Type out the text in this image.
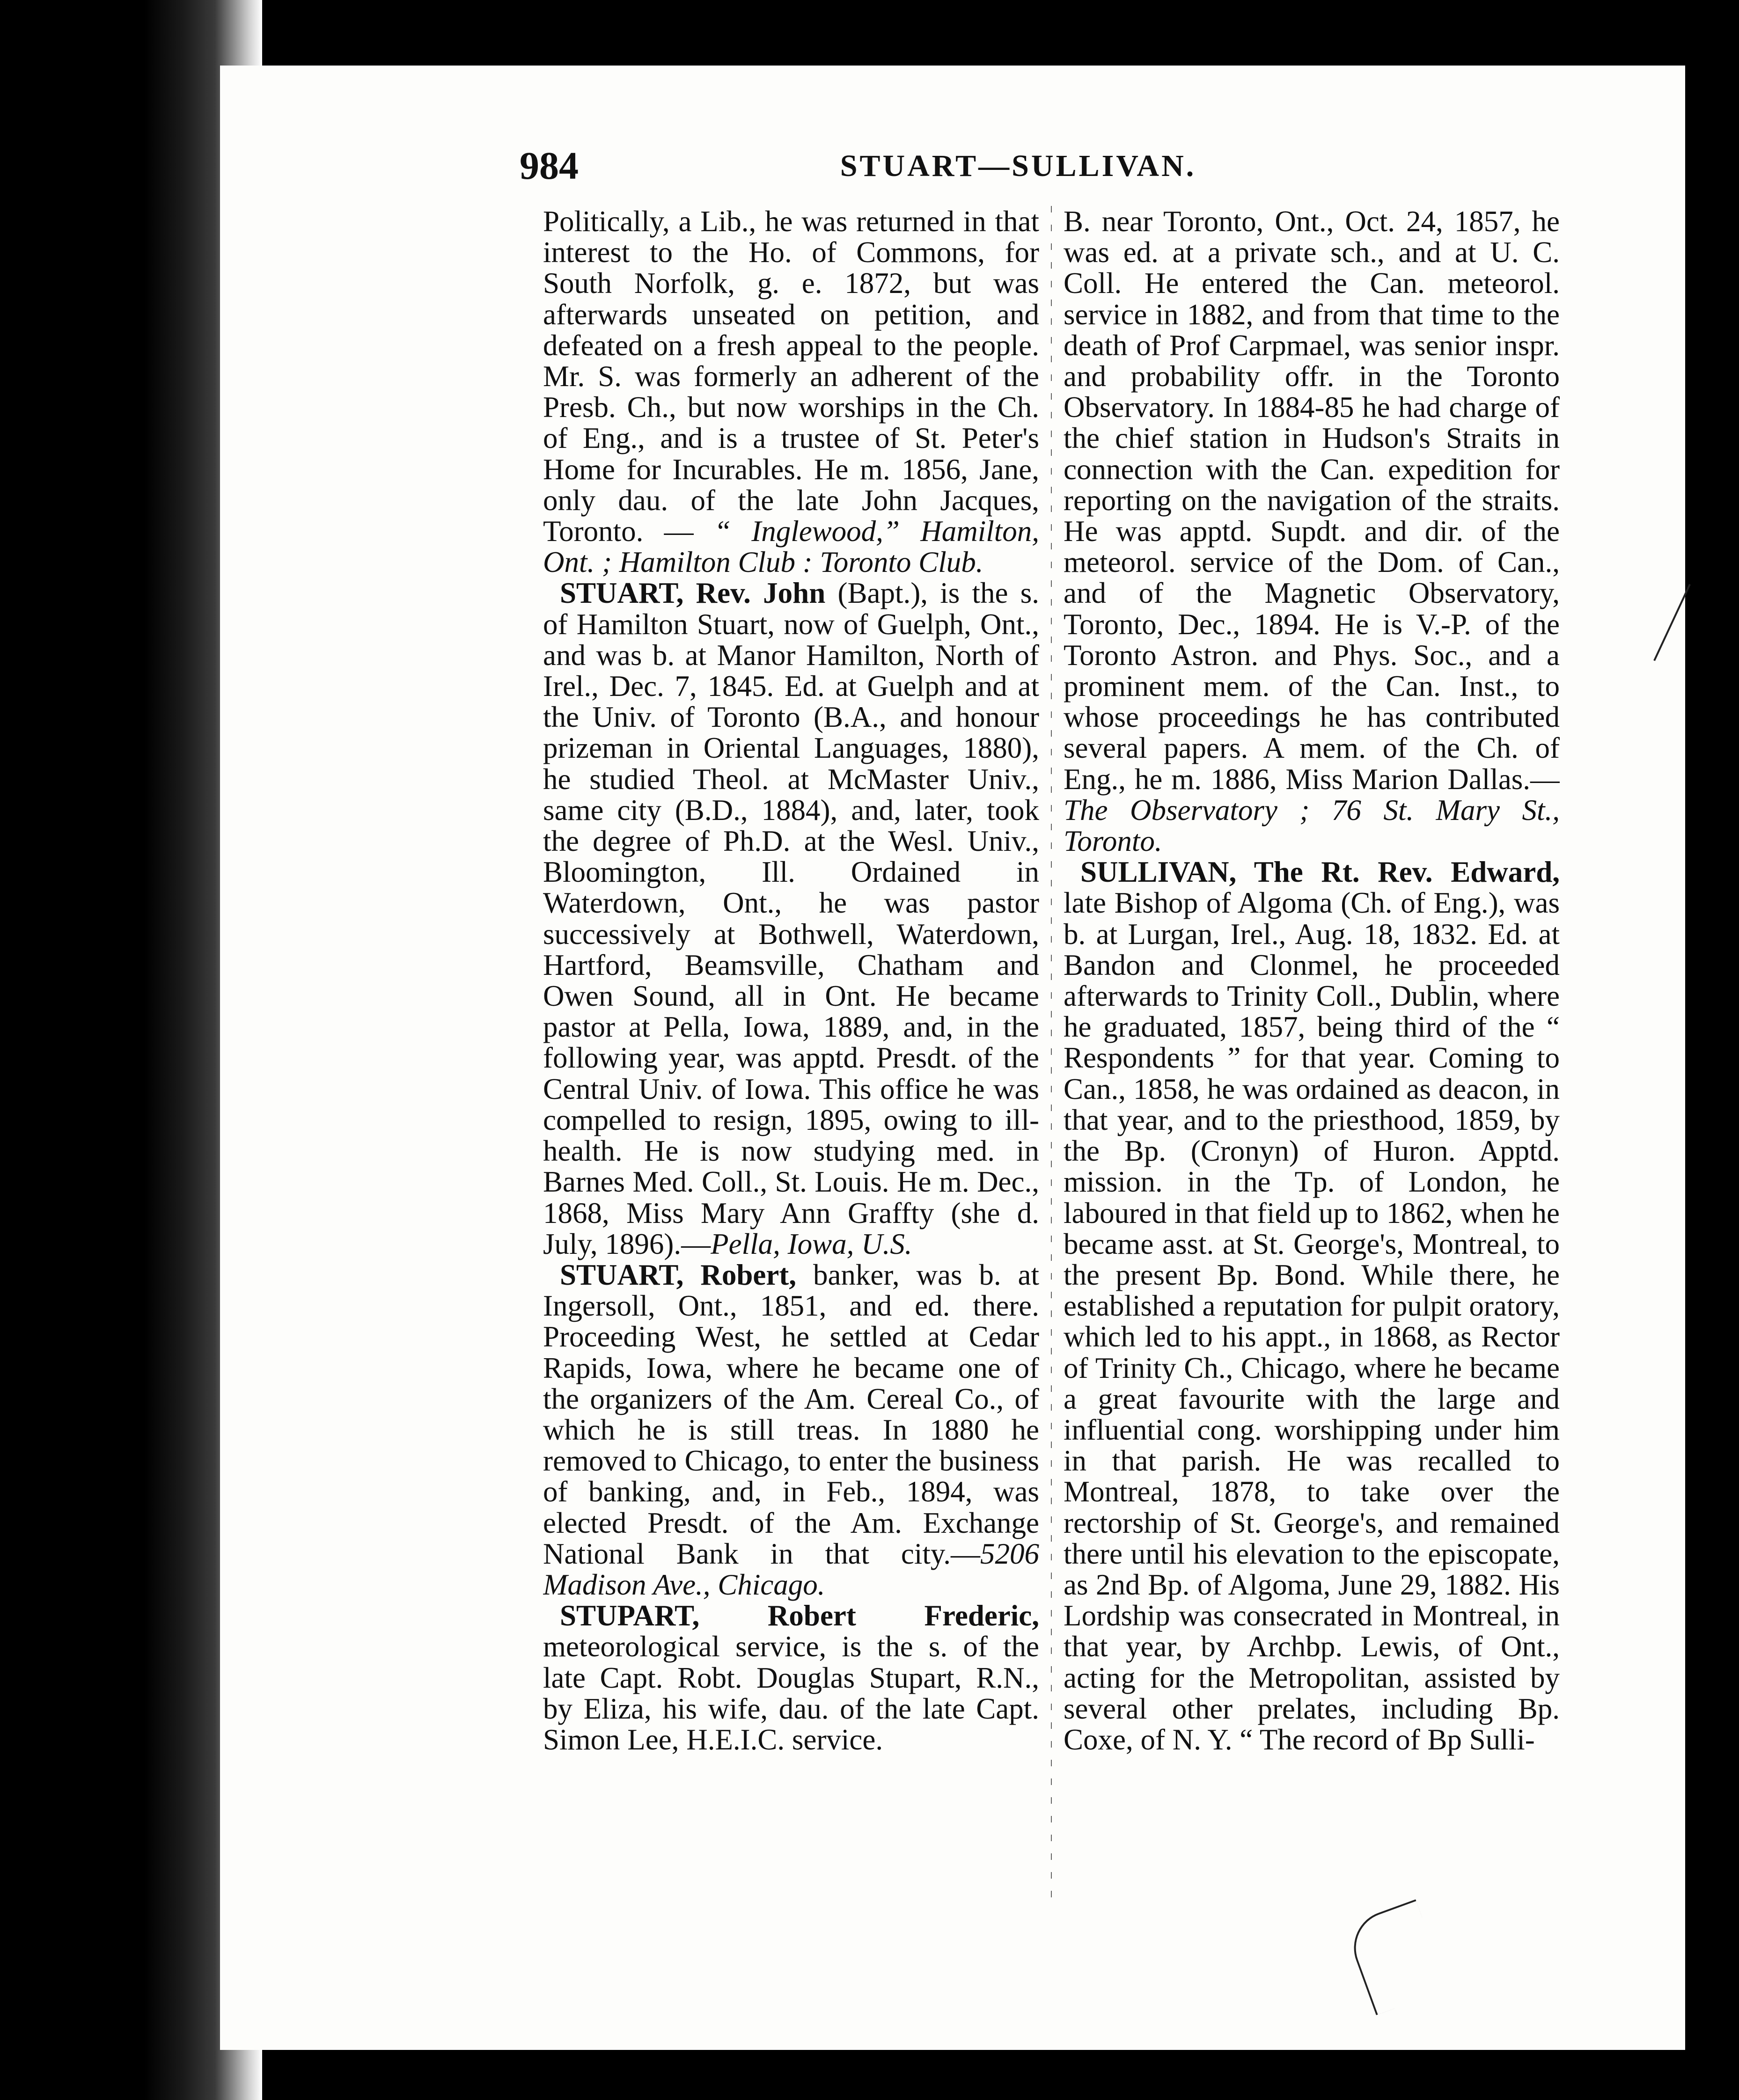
984	STUART—SULLIVAN.

Politically, a Lib., he was returned in that interest to the Ho. of Commons, for South Norfolk, g. e. 1872, but was afterwards unseated on petition, and defeated on a fresh appeal to the people. Mr. S. was formerly an adherent of the Presb. Ch., but now worships in the Ch. of Eng., and is a trustee of St. Peter's Home for Incurables. He m. 1856, Jane, only dau. of the late John Jacques, Toronto. — “ Inglewood,” Hamilton, Ont. ; Hamilton Club : Toronto Club.

STUART, Rev. John (Bapt.), is the s. of Hamilton Stuart, now of Guelph, Ont., and was b. at Manor Hamilton, North of Irel., Dec. 7, 1845. Ed. at Guelph and at the Univ. of Toronto (B.A., and honour prizeman in Oriental Languages, 1880), he studied Theol. at McMaster Univ., same city (B.D., 1884), and, later, took the degree of Ph.D. at the Wesl. Univ., Bloomington, Ill. Ordained in Waterdown, Ont., he was pastor successively at Bothwell, Waterdown, Hartford, Beamsville, Chatham and Owen Sound, all in Ont. He became pastor at Pella, Iowa, 1889, and, in the following year, was apptd. Presdt. of the Central Univ. of Iowa. This office he was compelled to resign, 1895, owing to ill-health. He is now studying med. in Barnes Med. Coll., St. Louis. He m. Dec., 1868, Miss Mary Ann Graffty (she d. July, 1896).—Pella, Iowa, U.S.

STUART, Robert, banker, was b. at Ingersoll, Ont., 1851, and ed. there. Proceeding West, he settled at Cedar Rapids, Iowa, where he became one of the organizers of the Am. Cereal Co., of which he is still treas. In 1880 he removed to Chicago, to enter the business of banking, and, in Feb., 1894, was elected Presdt. of the Am. Exchange National Bank in that city.—5206 Madison Ave., Chicago.

STUPART, Robert Frederic, meteorological service, is the s. of the late Capt. Robt. Douglas Stupart, R.N., by Eliza, his wife, dau. of the late Capt. Simon Lee, H.E.I.C. service.

B. near Toronto, Ont., Oct. 24, 1857, he was ed. at a private sch., and at U. C. Coll. He entered the Can. meteorol. service in 1882, and from that time to the death of Prof Carpmael, was senior inspr. and probability offr. in the Toronto Observatory. In 1884-85 he had charge of the chief station in Hudson's Straits in connection with the Can. expedition for reporting on the navigation of the straits. He was apptd. Supdt. and dir. of the meteorol. service of the Dom. of Can., and of the Magnetic Observatory, Toronto, Dec., 1894. He is V.-P. of the Toronto Astron. and Phys. Soc., and a prominent mem. of the Can. Inst., to whose proceedings he has contributed several papers. A mem. of the Ch. of Eng., he m. 1886, Miss Marion Dallas.—The Observatory ; 76 St. Mary St., Toronto.

SULLIVAN, The Rt. Rev. Edward, late Bishop of Algoma (Ch. of Eng.), was b. at Lurgan, Irel., Aug. 18, 1832. Ed. at Bandon and Clonmel, he proceeded afterwards to Trinity Coll., Dublin, where he graduated, 1857, being third of the “ Respondents ” for that year. Coming to Can., 1858, he was ordained as deacon, in that year, and to the priesthood, 1859, by the Bp. (Cronyn) of Huron. Apptd. mission. in the Tp. of London, he laboured in that field up to 1862, when he became asst. at St. George's, Montreal, to the present Bp. Bond. While there, he established a reputation for pulpit oratory, which led to his appt., in 1868, as Rector of Trinity Ch., Chicago, where he became a great favourite with the large and influential cong. worshipping under him in that parish. He was recalled to Montreal, 1878, to take over the rectorship of St. George's, and remained there until his elevation to the episcopate, as 2nd Bp. of Algoma, June 29, 1882. His Lordship was consecrated in Montreal, in that year, by Archbp. Lewis, of Ont., acting for the Metropolitan, assisted by several other prelates, including Bp. Coxe, of N. Y. “ The record of Bp Sulli-
